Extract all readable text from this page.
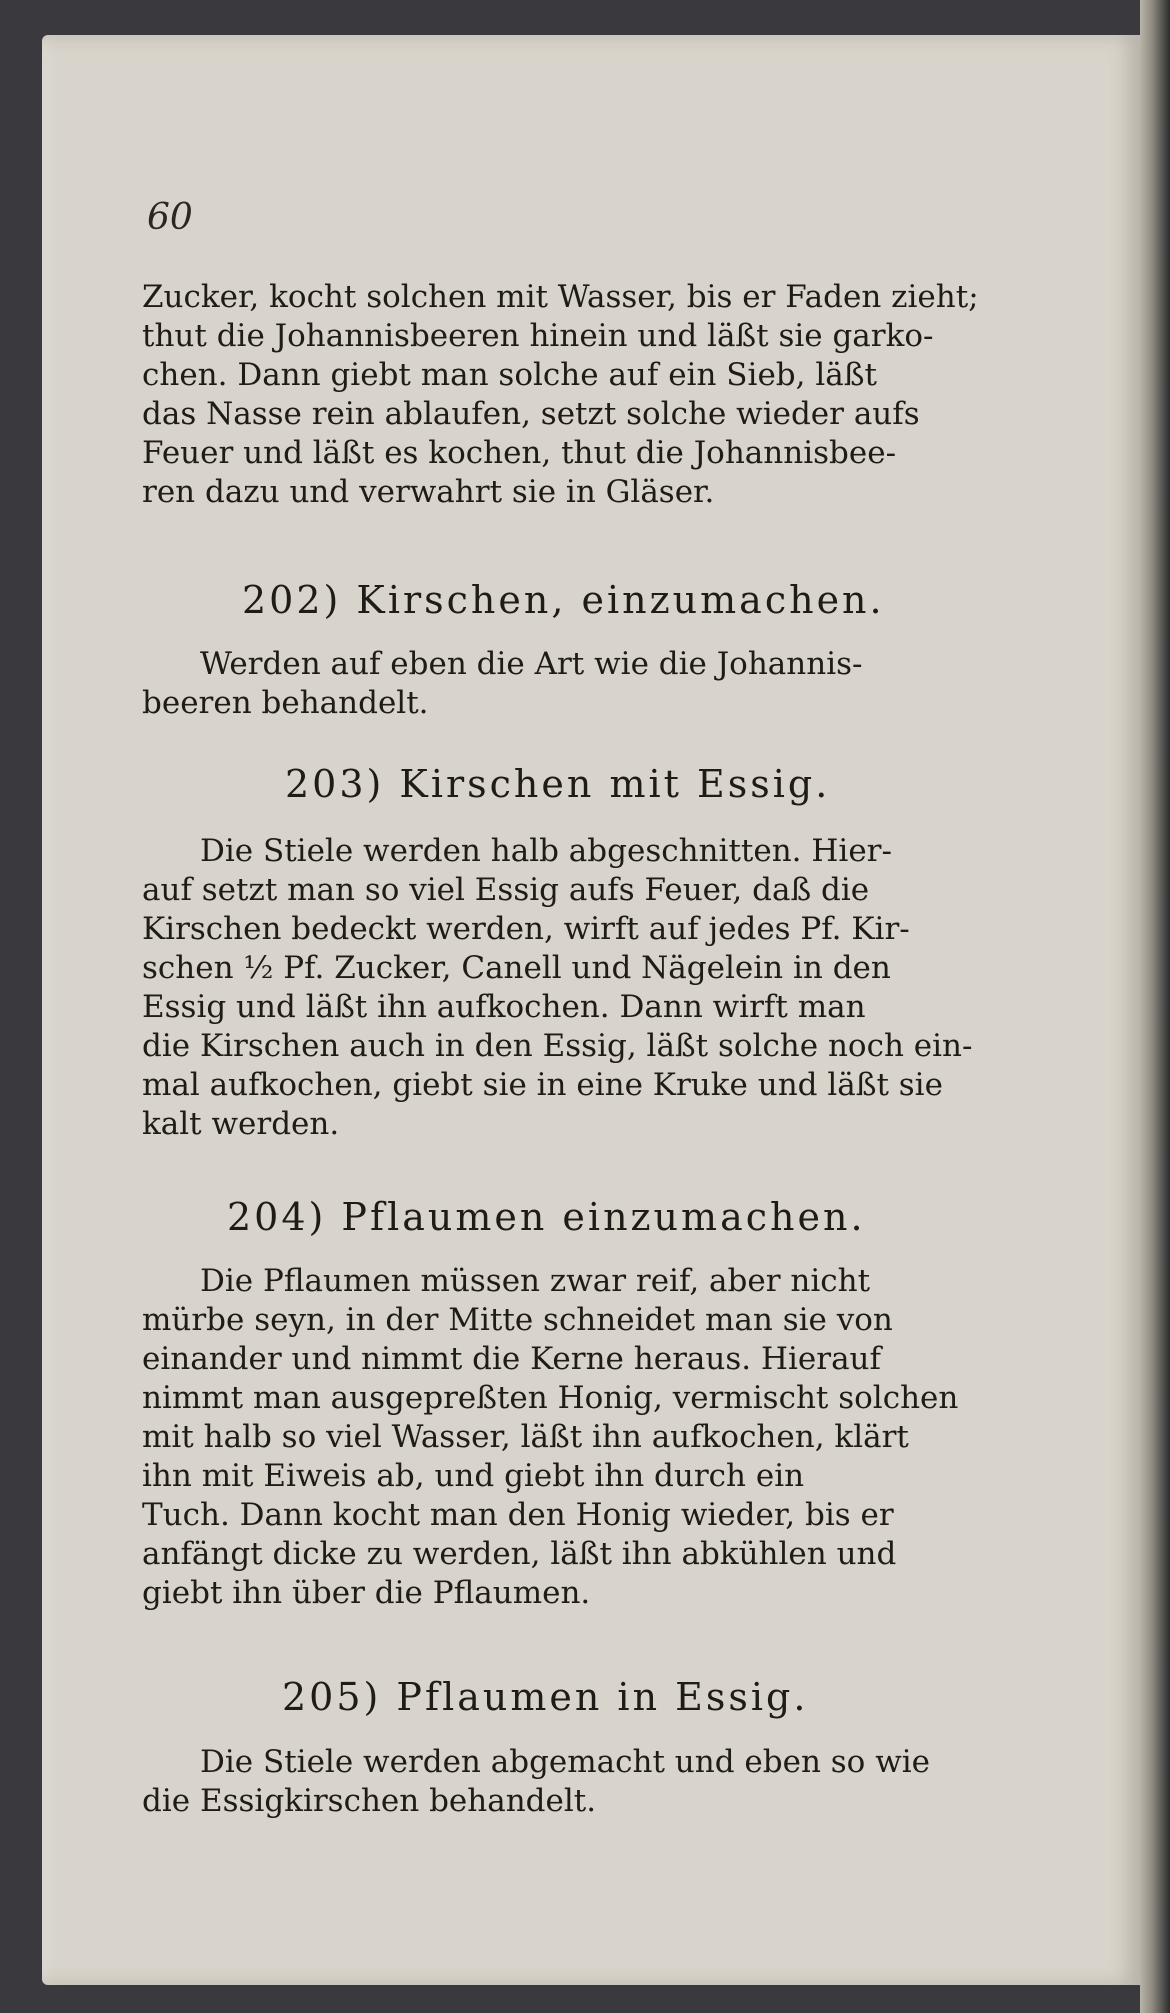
60

Zucker, kocht solchen mit Wasser, bis er Faden zieht;
thut die Johannisbeeren hinein und läßt sie garko-
chen. Dann giebt man solche auf ein Sieb, läßt
das Nasse rein ablaufen, setzt solche wieder aufs
Feuer und läßt es kochen, thut die Johannisbee-
ren dazu und verwahrt sie in Gläser.
202) Kirschen, einzumachen.
Werden auf eben die Art wie die Johannis-
beeren behandelt.
203) Kirschen mit Essig.
Die Stiele werden halb abgeschnitten. Hier-
auf setzt man so viel Essig aufs Feuer, daß die
Kirschen bedeckt werden, wirft auf jedes Pf. Kir-
schen ½ Pf. Zucker, Canell und Nägelein in den
Essig und läßt ihn aufkochen. Dann wirft man
die Kirschen auch in den Essig, läßt solche noch ein-
mal aufkochen, giebt sie in eine Kruke und läßt sie
kalt werden.
204) Pflaumen einzumachen.
Die Pflaumen müssen zwar reif, aber nicht
mürbe seyn, in der Mitte schneidet man sie von
einander und nimmt die Kerne heraus. Hierauf
nimmt man ausgepreßten Honig, vermischt solchen
mit halb so viel Wasser, läßt ihn aufkochen, klärt
ihn mit Eiweis ab, und giebt ihn durch ein
Tuch. Dann kocht man den Honig wieder, bis er
anfängt dicke zu werden, läßt ihn abkühlen und
giebt ihn über die Pflaumen.
205) Pflaumen in Essig.
Die Stiele werden abgemacht und eben so wie
die Essigkirschen behandelt.
